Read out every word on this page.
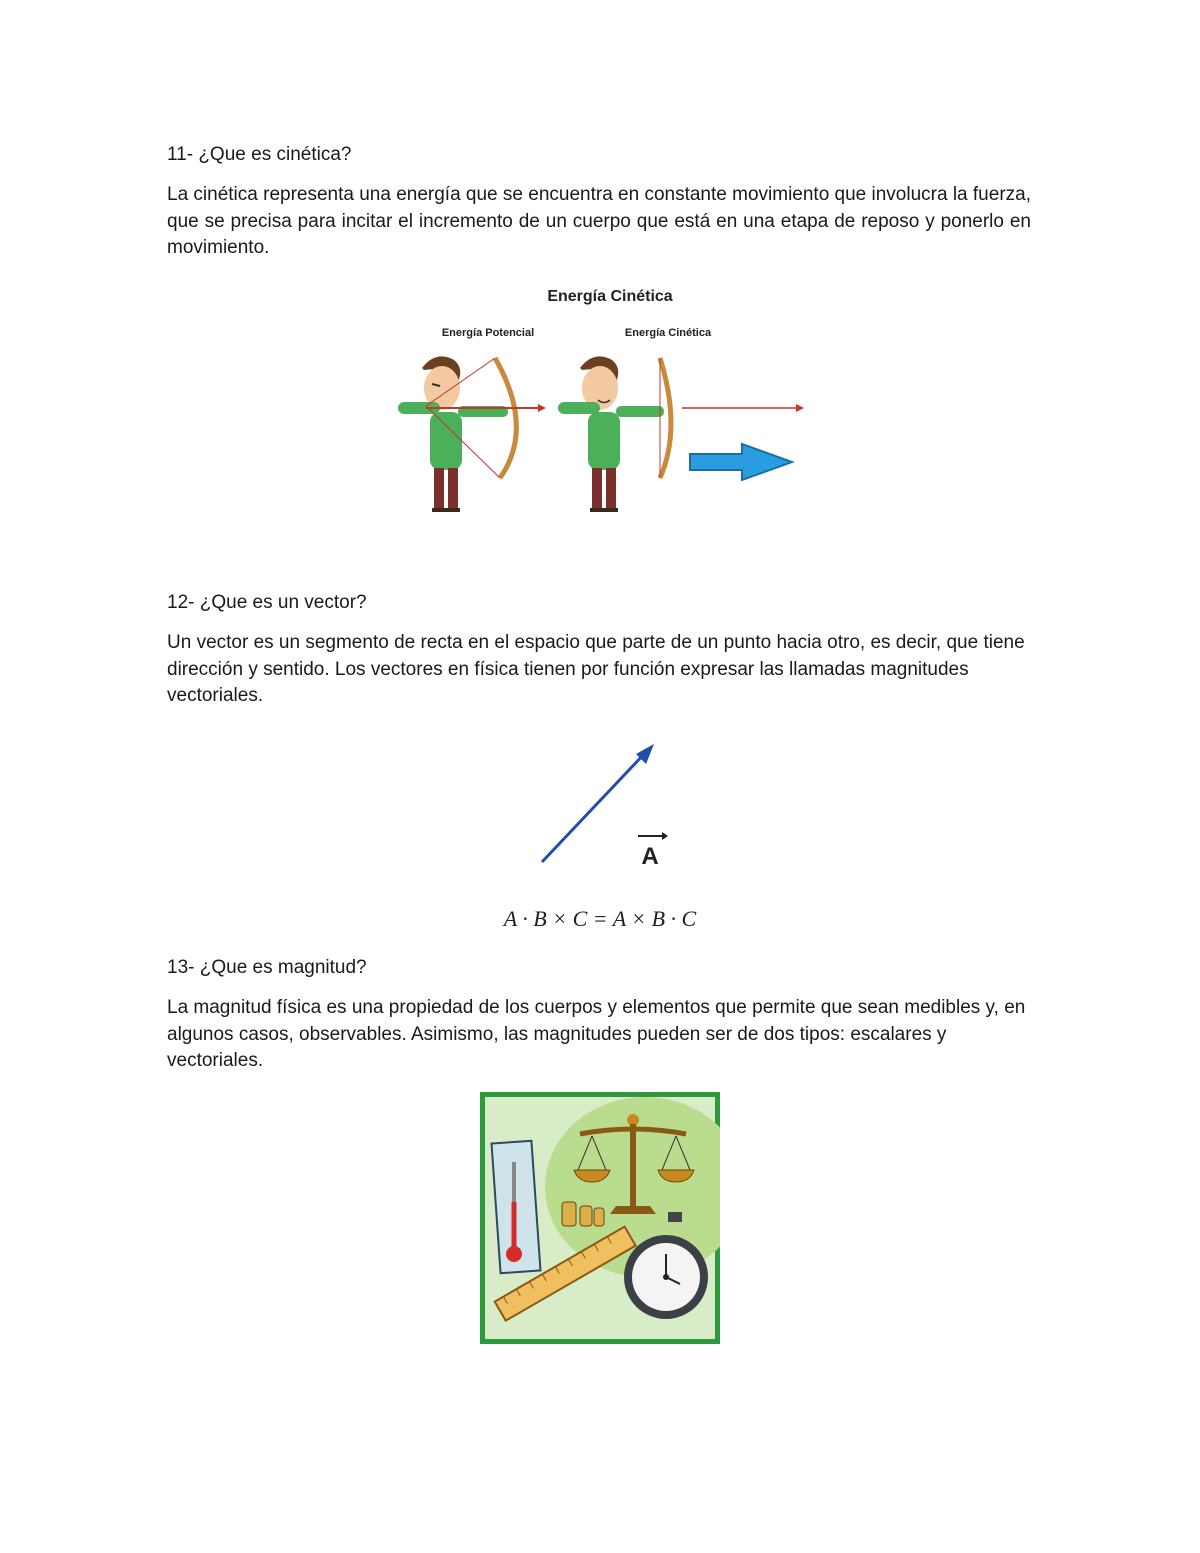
11- ¿Que es cinética?
La cinética representa una energía que se encuentra en constante movimiento que involucra la fuerza, que se precisa para incitar el incremento de un cuerpo que está en una etapa de reposo y ponerlo en movimiento.
Energía Cinética
Energía Potencial	Energía Cinética
12- ¿Que es un vector?
Un vector es un segmento de recta en el espacio que parte de un punto hacia otro, es decir, que tiene dirección y sentido. Los vectores en física tienen por función expresar las llamadas magnitudes vectoriales.
A
A · B × C = A × B · C
13- ¿Que es magnitud?
La magnitud física es una propiedad de los cuerpos y elementos que permite que sean medibles y, en algunos casos, observables. Asimismo, las magnitudes pueden ser de dos tipos: escalares y vectoriales.
